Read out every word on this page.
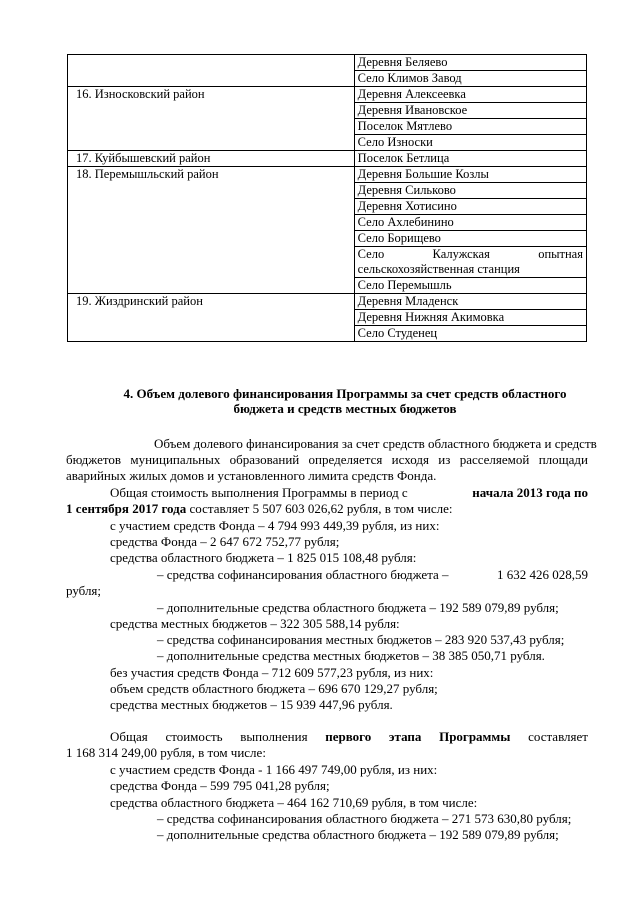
	Деревня Беляево
	Село Климов Завод
16. Износковский район	Деревня Алексеевка
	Деревня Ивановское
	Поселок Мятлево
	Село Износки
17. Куйбышевский район	Поселок Бетлица
18. Перемышльский район	Деревня Большие Козлы
	Деревня Сильково
	Деревня Хотисино
	Село Ахлебинино
	Село Борищево

	Село Калужская опытная
сельскохозяйственная станция

	Село Перемышль
19. Жиздринский район	Деревня Младенск
	Деревня Нижняя Акимовка
	Село Студенец
4. Объем долевого финансирования Программы за счет средств областного
бюджета и средств местных бюджетов
Объем долевого финансирования за счет средств областного бюджета и средств
бюджетов муниципальных образований определяется исходя из расселяемой площади
аварийных жилых домов и установленного лимита средств Фонда.
Общая стоимость выполнения Программы в период с	начала 2013 года по
1 сентября 2017 года составляет 5 507 603 026,62 рубля, в том числе:
с участием средств Фонда – 4 794 993 449,39 рубля, из них:
средства Фонда – 2 647 672 752,77 рубля;
средства областного бюджета – 1 825 015 108,48 рубля:
– средства софинансирования областного бюджета –	1 632 426 028,59
рубля;
– дополнительные средства областного бюджета – 192 589 079,89 рубля;
средства местных бюджетов – 322 305 588,14 рубля:
– средства софинансирования местных бюджетов – 283 920 537,43 рубля;
– дополнительные средства местных бюджетов – 38 385 050,71 рубля.
без участия средств Фонда – 712 609 577,23 рубля, из них:
объем средств областного бюджета – 696 670 129,27 рубля;
средства местных бюджетов – 15 939 447,96 рубля.
Общая стоимость выполнения первого этапа Программы составляет
1 168 314 249,00 рубля, в том числе:
с участием средств Фонда - 1 166 497 749,00 рубля, из них:
средства Фонда – 599 795 041,28 рубля;
средства областного бюджета – 464 162 710,69 рубля, в том числе:
– средства софинансирования областного бюджета – 271 573 630,80 рубля;
– дополнительные средства областного бюджета – 192 589 079,89 рубля;
